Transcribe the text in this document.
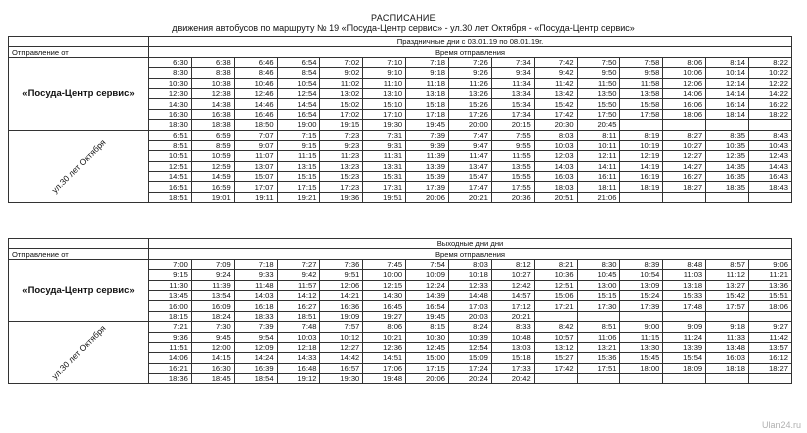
РАСПИСАНИЕ
движения автобусов по маршруту № 19 «Посуда-Центр сервис» - ул.30 лет Октября - «Посуда-Центр сервис»
	Праздничные дни с 03.01.19 по 08.01.19г.														
Отправление от	Время отправления														
«Посуда-Центр сервис»	6:30	6:38	6:46	6:54	7:02	7:10	7:18	7:26	7:34	7:42	7:50	7:58	8:06	8:14	8:22
	8:30	8:38	8:46	8:54	9:02	9:10	9:18	9:26	9:34	9:42	9:50	9:58	10:06	10:14	10:22
	10:30	10:38	10:46	10:54	11:02	11:10	11:18	11:26	11:34	11:42	11:50	11:58	12:06	12:14	12:22
	12:30	12:38	12:46	12:54	13:02	13:10	13:18	13:26	13:34	13:42	13:50	13:58	14:06	14:14	14:22
	14:30	14:38	14:46	14:54	15:02	15:10	15:18	15:26	15:34	15:42	15:50	15:58	16:06	16:14	16:22
	16:30	16:38	16:46	16:54	17:02	17:10	17:18	17:26	17:34	17:42	17:50	17:58	18:06	18:14	18:22
	18:30	18:38	18:50	19:00	19:15	19:30	19:45	20:00	20:15	20:30	20:45				
ул.30 лет Октября	6:51	6:59	7:07	7:15	7:23	7:31	7:39	7:47	7:55	8:03	8:11	8:19	8:27	8:35	8:43
	8:51	8:59	9:07	9:15	9:23	9:31	9:39	9:47	9:55	10:03	10:11	10:19	10:27	10:35	10:43
	10:51	10:59	11:07	11:15	11:23	11:31	11:39	11:47	11:55	12:03	12:11	12:19	12:27	12:35	12:43
	12:51	12:59	13:07	13:15	13:23	13:31	13:39	13:47	13:55	14:03	14:11	14:19	14:27	14:35	14:43
	14:51	14:59	15:07	15:15	15:23	15:31	15:39	15:47	15:55	16:03	16:11	16:19	16:27	16:35	16:43
	16:51	16:59	17:07	17:15	17:23	17:31	17:39	17:47	17:55	18:03	18:11	18:19	18:27	18:35	18:43
	18:51	19:01	19:11	19:21	19:36	19:51	20:06	20:21	20:36	20:51	21:06				
	Выходные дни дни														
Отправление от	Время отправления														
«Посуда-Центр сервис»	7:00	7:09	7:18	7:27	7:36	7:45	7:54	8:03	8:12	8:21	8:30	8:39	8:48	8:57	9:06
	9:15	9:24	9:33	9:42	9:51	10:00	10:09	10:18	10:27	10:36	10:45	10:54	11:03	11:12	11:21
	11:30	11:39	11:48	11:57	12:06	12:15	12:24	12:33	12:42	12:51	13:00	13:09	13:18	13:27	13:36
	13:45	13:54	14:03	14:12	14:21	14:30	14:39	14:48	14:57	15:06	15:15	15:24	15:33	15:42	15:51
	16:00	16:09	16:18	16:27	16:36	16:45	16:54	17:03	17:12	17:21	17:30	17:39	17:48	17:57	18:06
	18:15	18:24	18:33	18:51	19:09	19:27	19:45	20:03	20:21						
ул.30 лет Октября	7:21	7:30	7:39	7:48	7:57	8:06	8:15	8:24	8:33	8:42	8:51	9:00	9:09	9:18	9:27
	9:36	9:45	9:54	10:03	10:12	10:21	10:30	10:39	10:48	10:57	11:06	11:15	11:24	11:33	11:42
	11:51	12:00	12:09	12:18	12:27	12:36	12:45	12:54	13:03	13:12	13:21	13:30	13:39	13:48	13:57
	14:06	14:15	14:24	14:33	14:42	14:51	15:00	15:09	15:18	15:27	15:36	15:45	15:54	16:03	16:12
	16:21	16:30	16:39	16:48	16:57	17:06	17:15	17:24	17:33	17:42	17:51	18:00	18:09	18:18	18:27
	18:36	18:45	18:54	19:12	19:30	19:48	20:06	20:24	20:42						
Ulan24.ru
